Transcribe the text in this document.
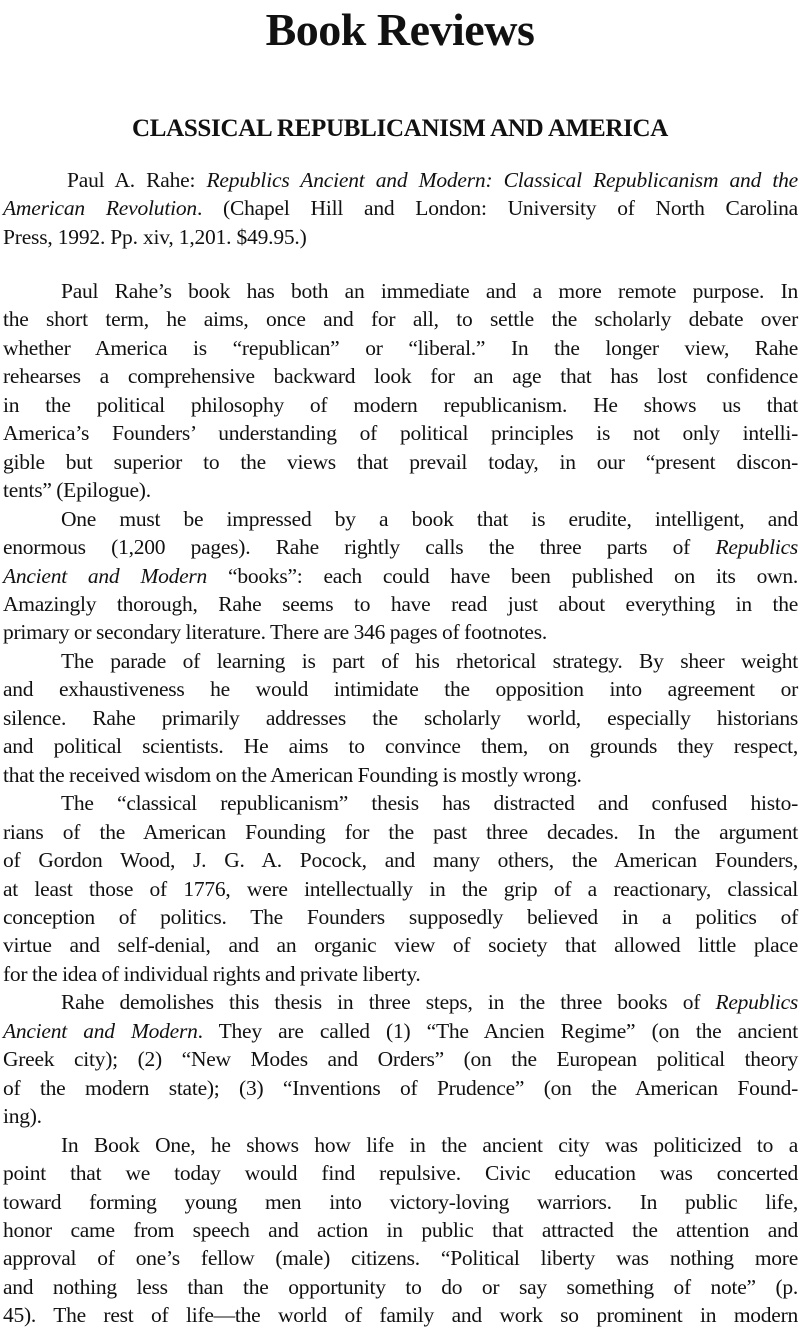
Book Reviews
CLASSICAL REPUBLICANISM AND AMERICA
Paul A. Rahe: Republics Ancient and Modern: Classical Republicanism and the
American Revolution. (Chapel Hill and London: University of North Carolina
Press, 1992. Pp. xiv, 1,201. $49.95.)

Paul Rahe’s book has both an immediate and a more remote purpose. In
the short term, he aims, once and for all, to settle the scholarly debate over
whether America is “republican” or “liberal.” In the longer view, Rahe
rehearses a comprehensive backward look for an age that has lost confidence
in the political philosophy of modern republicanism. He shows us that
America’s Founders’ understanding of political principles is not only intelli-
gible but superior to the views that prevail today, in our “present discon-
tents” (Epilogue).

One must be impressed by a book that is erudite, intelligent, and
enormous (1,200 pages). Rahe rightly calls the three parts of Republics
Ancient and Modern “books”: each could have been published on its own.
Amazingly thorough, Rahe seems to have read just about everything in the
primary or secondary literature. There are 346 pages of footnotes.

The parade of learning is part of his rhetorical strategy. By sheer weight
and exhaustiveness he would intimidate the opposition into agreement or
silence. Rahe primarily addresses the scholarly world, especially historians
and political scientists. He aims to convince them, on grounds they respect,
that the received wisdom on the American Founding is mostly wrong.

The “classical republicanism” thesis has distracted and confused histo-
rians of the American Founding for the past three decades. In the argument
of Gordon Wood, J. G. A. Pocock, and many others, the American Founders,
at least those of 1776, were intellectually in the grip of a reactionary, classical
conception of politics. The Founders supposedly believed in a politics of
virtue and self-denial, and an organic view of society that allowed little place
for the idea of individual rights and private liberty.

Rahe demolishes this thesis in three steps, in the three books of Republics
Ancient and Modern. They are called (1) “The Ancien Regime” (on the ancient
Greek city); (2) “New Modes and Orders” (on the European political theory
of the modern state); (3) “Inventions of Prudence” (on the American Found-
ing).

In Book One, he shows how life in the ancient city was politicized to a
point that we today would find repulsive. Civic education was concerted
toward forming young men into victory-loving warriors. In public life,
honor came from speech and action in public that attracted the attention and
approval of one’s fellow (male) citizens. “Political liberty was nothing more
and nothing less than the opportunity to do or say something of note” (p.
45). The rest of life—the world of family and work so prominent in modern
